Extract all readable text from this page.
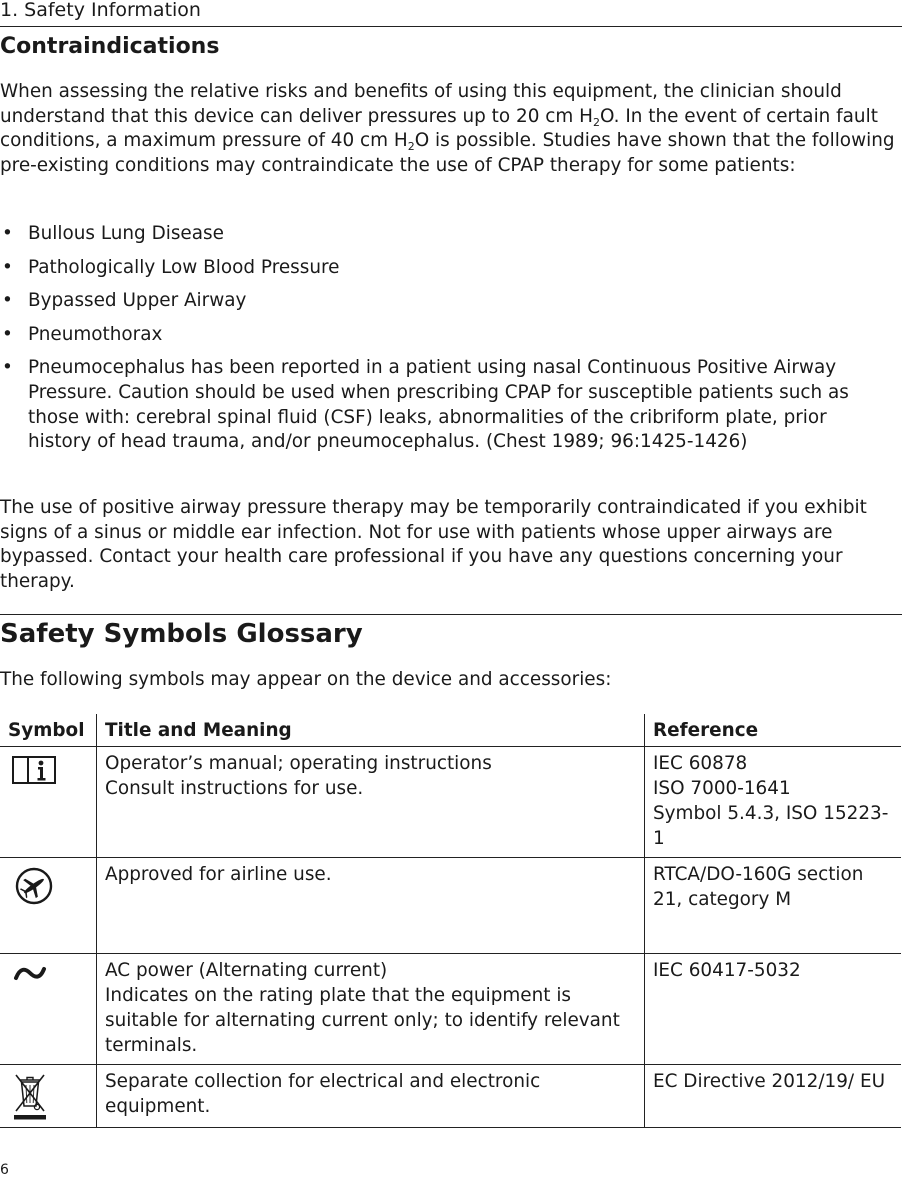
1. Safety Information

Contraindications

When assessing the relative risks and benefits of using this equipment, the clinician should understand that this device can deliver pressures up to 20 cm $H_2O$. In the event of certain fault conditions, a maximum pressure of 40 cm $H_2O$ is possible. Studies have shown that the following pre-existing conditions may contraindicate the use of CPAP therapy for some patients:

• Bullous Lung Disease
• Pathologically Low Blood Pressure
• Bypassed Upper Airway
• Pneumothorax
• Pneumocephalus has been reported in a patient using nasal Continuous Positive Airway Pressure. Caution should be used when prescribing CPAP for susceptible patients such as those with: cerebral spinal fluid (CSF) leaks, abnormalities of the cribriform plate, prior history of head trauma, and/or pneumocephalus. (Chest 1989; 96:1425-1426)

The use of positive airway pressure therapy may be temporarily contraindicated if you exhibit signs of a sinus or middle ear infection. Not for use with patients whose upper airways are bypassed. Contact your health care professional if you have any questions concerning your therapy.

Safety Symbols Glossary

The following symbols may appear on the device and accessories:

Symbol	Title and Meaning	Reference

Operator’s manual; operating instructions
Consult instructions for use.	IEC 60878
ISO 7000-1641
Symbol 5.4.3, ISO 15223-1

Approved for airline use.	RTCA/DO-160G section 21, category M

AC power (Alternating current)
Indicates on the rating plate that the equipment is suitable for alternating current only; to identify relevant terminals.	IEC 60417-5032

Separate collection for electrical and electronic equipment.	EC Directive 2012/19/ EU

6
